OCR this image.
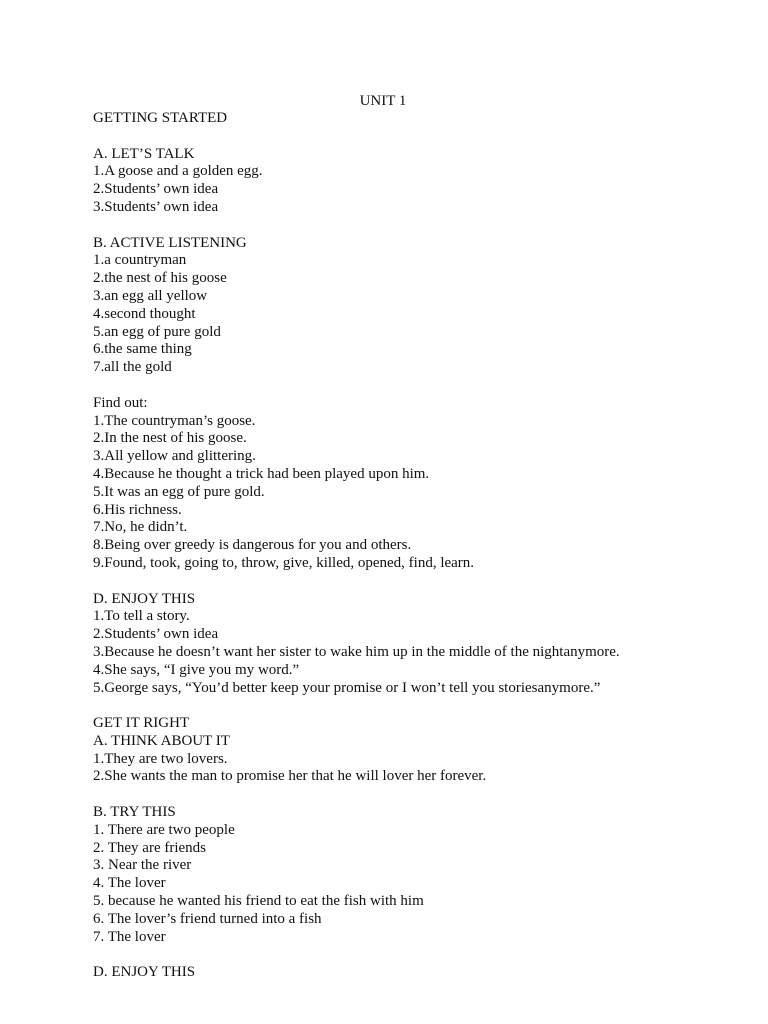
UNIT 1
GETTING STARTED
A. LET’S TALK
1.A goose and a golden egg.
2.Students’ own idea
3.Students’ own idea
B. ACTIVE LISTENING
1.a countryman
2.the nest of his goose
3.an egg all yellow
4.second thought
5.an egg of pure gold
6.the same thing
7.all the gold
Find out:
1.The countryman’s goose.
2.In the nest of his goose.
3.All yellow and glittering.
4.Because he thought a trick had been played upon him.
5.It was an egg of pure gold.
6.His richness.
7.No, he didn’t.
8.Being over greedy is dangerous for you and others.
9.Found, took, going to, throw, give, killed, opened, find, learn.
D. ENJOY THIS
1.To tell a story.
2.Students’ own idea
3.Because he doesn’t want her sister to wake him up in the middle of the nightanymore.
4.She says, “I give you my word.”
5.George says, “You’d better keep your promise or I won’t tell you storiesanymore.”
GET IT RIGHT
A. THINK ABOUT IT
1.They are two lovers.
2.She wants the man to promise her that he will lover her forever.
B. TRY THIS
1. There are two people
2. They are friends
3. Near the river
4. The lover
5. because he wanted his friend to eat the fish with him
6. The lover’s friend turned into a fish
7. The lover
D. ENJOY THIS
